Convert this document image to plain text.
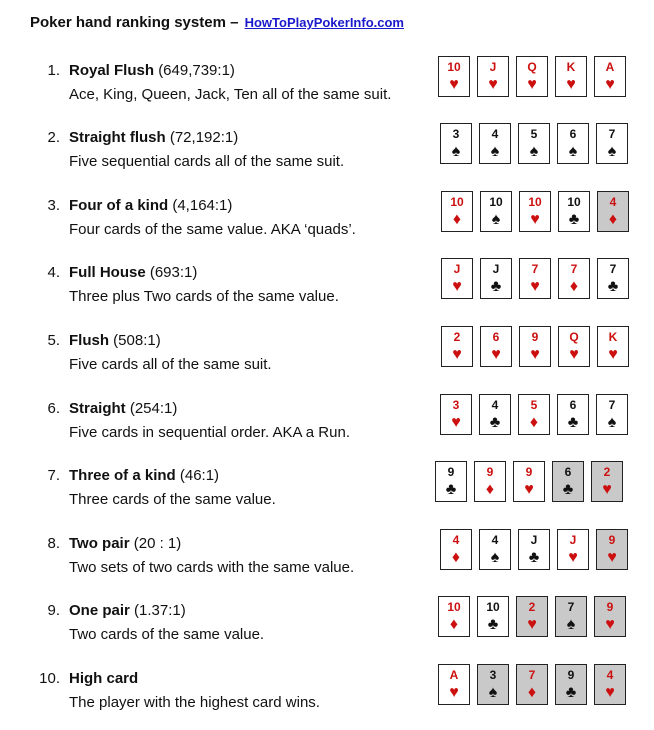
Poker hand ranking system – HowToPlayPokerInfo.com
1. Royal Flush (649,739:1)
Ace, King, Queen, Jack, Ten all of the same suit.
10
♥
J
♥
Q
♥
K
♥
A
♥
2. Straight flush (72,192:1)
Five sequential cards all of the same suit.
3
♠
4
♠
5
♠
6
♠
7
♠
3. Four of a kind (4,164:1)
Four cards of the same value. AKA ‘quads’.
10
♦
10
♠
10
♥
10
♣
4
♦
4. Full House (693:1)
Three plus Two cards of the same value.
J
♥
J
♣
7
♥
7
♦
7
♣
5. Flush (508:1)
Five cards all of the same suit.
2
♥
6
♥
9
♥
Q
♥
K
♥
6. Straight (254:1)
Five cards in sequential order. AKA a Run.
3
♥
4
♣
5
♦
6
♣
7
♠
7. Three of a kind (46:1)
Three cards of the same value.
9
♣
9
♦
9
♥
6
♣
2
♥
8. Two pair (20 : 1)
Two sets of two cards with the same value.
4
♦
4
♠
J
♣
J
♥
9
♥
9. One pair (1.37:1)
Two cards of the same value.
10
♦
10
♣
2
♥
7
♠
9
♥
10. High card
The player with the highest card wins.
A
♥
3
♠
7
♦
9
♣
4
♥
